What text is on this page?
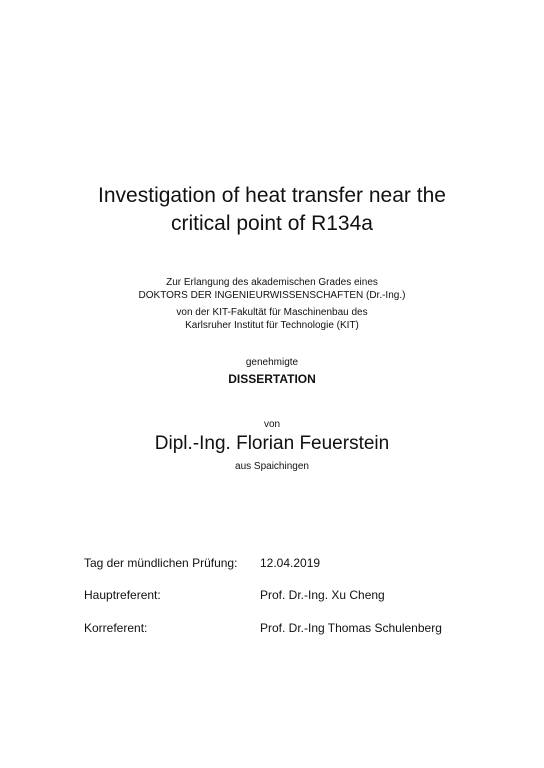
Investigation of heat transfer near the
critical point of R134a
Zur Erlangung des akademischen Grades eines
DOKTORS DER INGENIEURWISSENSCHAFTEN (Dr.-Ing.)
von der KIT-Fakultät für Maschinenbau des
Karlsruher Institut für Technologie (KIT)
genehmigte
DISSERTATION
von
Dipl.-Ing. Florian Feuerstein
aus Spaichingen
Tag der mündlichen Prüfung: 12.04.2019
Hauptreferent:	Prof. Dr.-Ing. Xu Cheng
Korreferent:	Prof. Dr.-Ing Thomas Schulenberg
